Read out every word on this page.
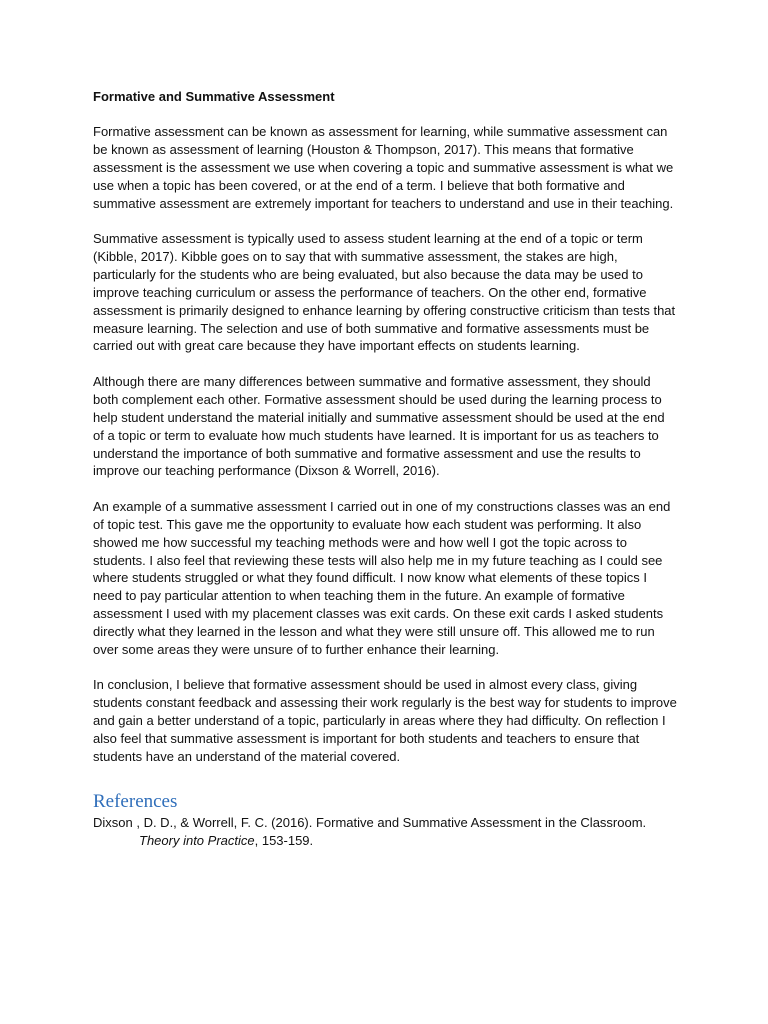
Formative and Summative Assessment

Formative assessment can be known as assessment for learning, while summative assessment can be known as assessment of learning (Houston & Thompson, 2017). This means that formative assessment is the assessment we use when covering a topic and summative assessment is what we use when a topic has been covered, or at the end of a term. I believe that both formative and summative assessment are extremely important for teachers to understand and use in their teaching.

Summative assessment is typically used to assess student learning at the end of a topic or term (Kibble, 2017). Kibble goes on to say that with summative assessment, the stakes are high, particularly for the students who are being evaluated, but also because the data may be used to improve teaching curriculum or assess the performance of teachers. On the other end, formative assessment is primarily designed to enhance learning by offering constructive criticism than tests that measure learning. The selection and use of both summative and formative assessments must be carried out with great care because they have important effects on students learning.

Although there are many differences between summative and formative assessment, they should both complement each other. Formative assessment should be used during the learning process to help student understand the material initially and summative assessment should be used at the end of a topic or term to evaluate how much students have learned. It is important for us as teachers to understand the importance of both summative and formative assessment and use the results to improve our teaching performance (Dixson & Worrell, 2016).

An example of a summative assessment I carried out in one of my constructions classes was an end of topic test. This gave me the opportunity to evaluate how each student was performing. It also showed me how successful my teaching methods were and how well I got the topic across to students. I also feel that reviewing these tests will also help me in my future teaching as I could see where students struggled or what they found difficult. I now know what elements of these topics I need to pay particular attention to when teaching them in the future. An example of formative assessment I used with my placement classes was exit cards. On these exit cards I asked students directly what they learned in the lesson and what they were still unsure off. This allowed me to run over some areas they were unsure of to further enhance their learning.

In conclusion, I believe that formative assessment should be used in almost every class, giving students constant feedback and assessing their work regularly is the best way for students to improve and gain a better understand of a topic, particularly in areas where they had difficulty. On reflection I also feel that summative assessment is important for both students and teachers to ensure that students have an understand of the material covered.

References

Dixson , D. D., & Worrell, F. C. (2016). Formative and Summative Assessment in the Classroom. Theory into Practice, 153-159.
